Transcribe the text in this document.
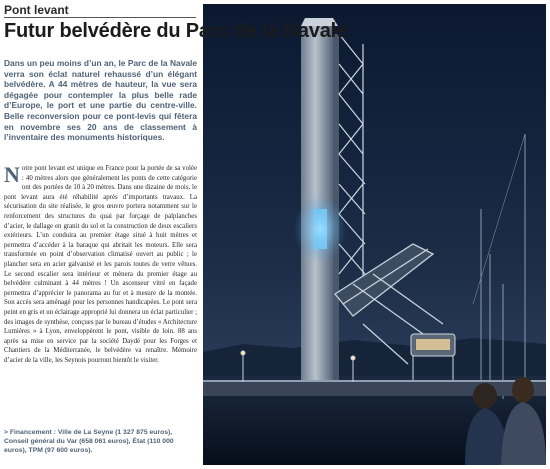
Pont levant
Futur belvédère du Parc de la Navale
Dans un peu moins d’un an, le Parc de la Navale verra son éclat naturel rehaussé d’un élégant belvédère. A 44 mètres de hauteur, la vue sera dégagée pour contempler la plus belle rade d’Europe, le port et une partie du centre-ville. Belle reconversion pour ce pont-levis qui fêtera en novembre ses 20 ans de classement à l’inventaire des monuments historiques.
Notre pont levant est unique en France pour la portée de sa volée : 40 mètres alors que généralement les ponts de cette catégorie ont des portées de 10 à 20 mètres. Dans une dizaine de mois, le pont levant aura été réhabilité après d’importants travaux. La sécurisation du site réalisée, le gros œuvre portera notamment sur le renforcement des structures du quai par forçage de palplanches d’acier, le dallage en granit du sol et la construction de deux escaliers extérieurs. L’un conduira au premier étage situé à huit mètres et permettra d’accéder à la baraque qui abritait les moteurs. Elle sera transformée en point d’observation climatisé ouvert au public ; le plancher sera en acier galvanisé et les parois toutes de verre vêtues. Le second escalier sera intérieur et mènera du premier étage au belvédère culminant à 44 mètres ! Un ascenseur vitré en façade permettra d’apprécier le panorama au fur et à mesure de la montée. Son accès sera aménagé pour les personnes handicapées. Le pont sera peint en gris et un éclairage approprié lui donnera un éclat particulier ; des images de synthèse, conçues par le bureau d’études « Architecture Lumières » à Lyon, enveloppèrent le pont, visible de loin. 88 ans après sa mise en service par la société Daydé pour les Forges et Chantiers de la Méditerranée, le belvédère va renaître. Mémoire d’acier de la ville, les Seynois pourront bientôt le visiter.
> Financement : Ville de La Seyne (1 327 875 euros), Conseil général du Var (658 061 euros), État (110 000 euros), TPM (97 600 euros).
